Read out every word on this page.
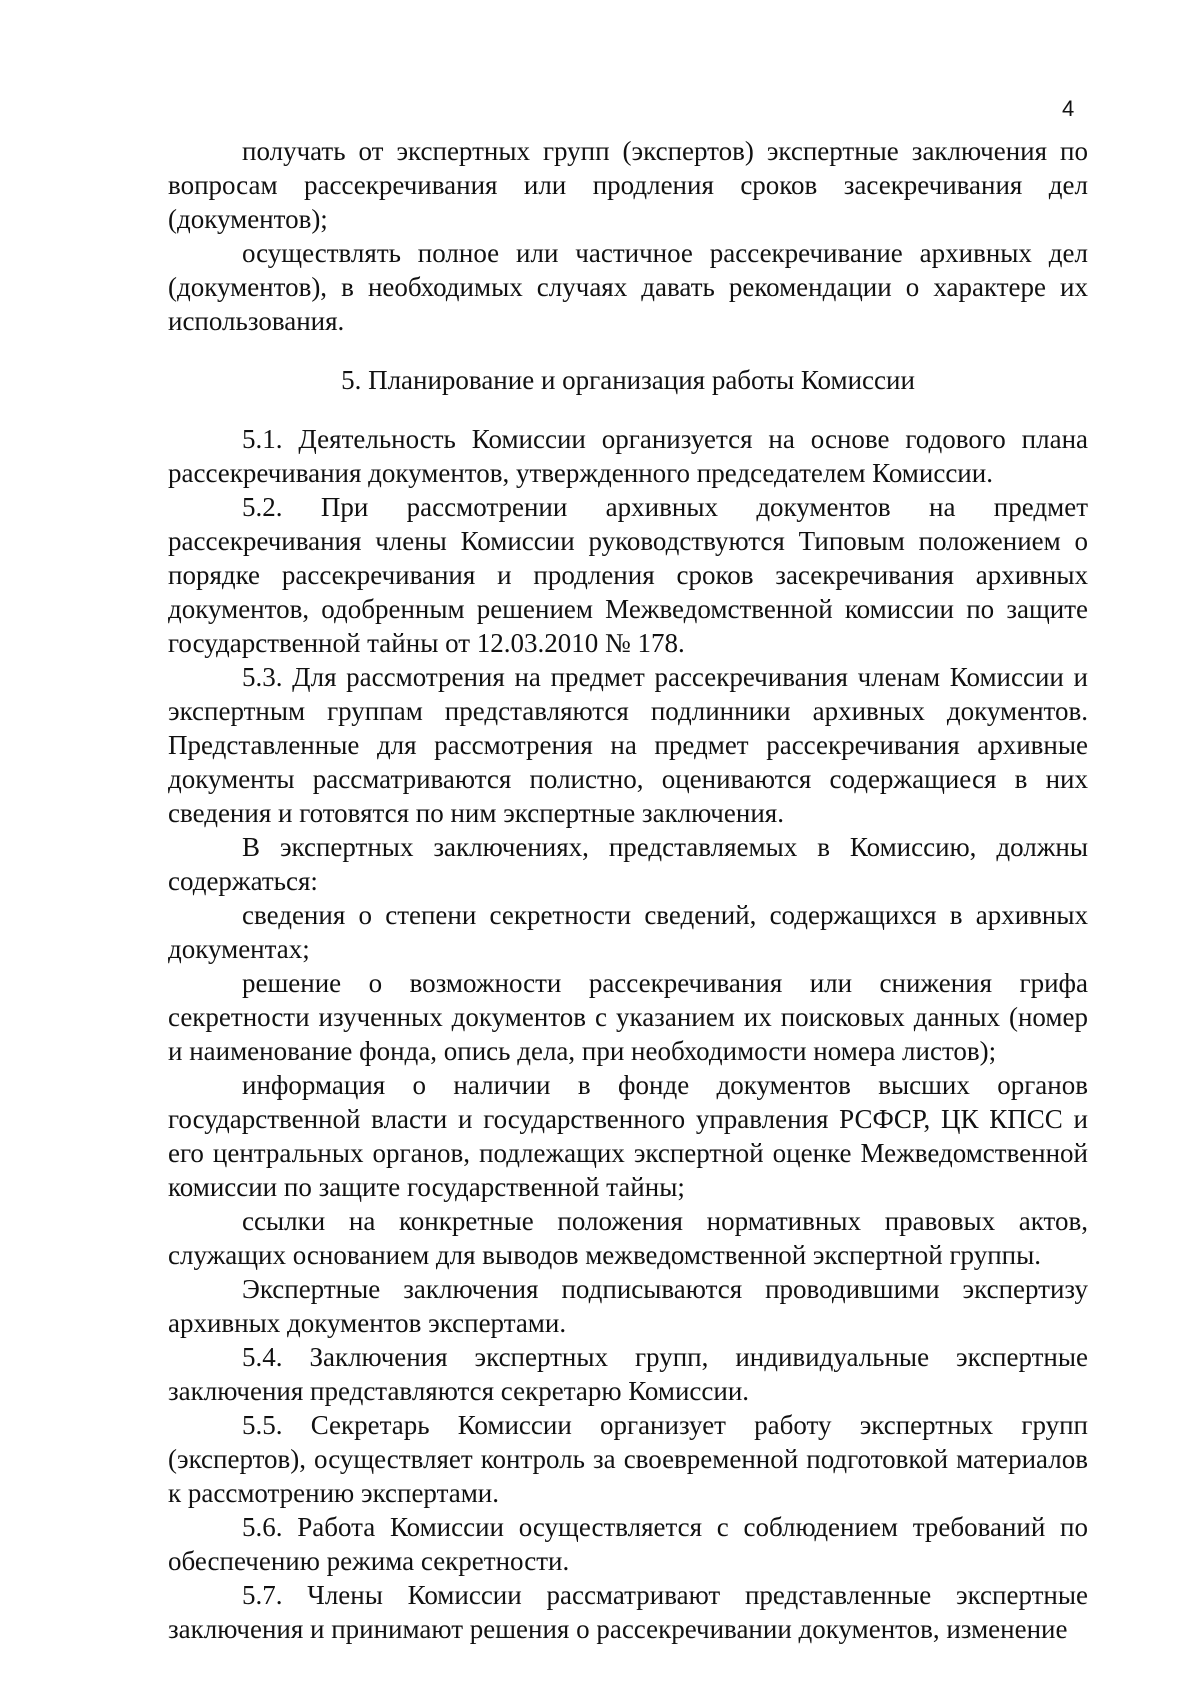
4

получать от экспертных групп (экспертов) экспертные заключения по вопросам рассекречивания или продления сроков засекречивания дел (документов);

осуществлять полное или частичное рассекречивание архивных дел (документов), в необходимых случаях давать рекомендации о характере их использования.

5. Планирование и организация работы Комиссии

5.1. Деятельность Комиссии организуется на основе годового плана рассекречивания документов, утвержденного председателем Комиссии.

5.2. При рассмотрении архивных документов на предмет рассекречивания члены Комиссии руководствуются Типовым положением о порядке рассекречивания и продления сроков засекречивания архивных документов, одобренным решением Межведомственной комиссии по защите государственной тайны от 12.03.2010 № 178.

5.3. Для рассмотрения на предмет рассекречивания членам Комиссии и экспертным группам представляются подлинники архивных документов. Представленные для рассмотрения на предмет рассекречивания архивные документы рассматриваются полистно, оцениваются содержащиеся в них сведения и готовятся по ним экспертные заключения.

В экспертных заключениях, представляемых в Комиссию, должны содержаться:

сведения о степени секретности сведений, содержащихся в архивных документах;

решение о возможности рассекречивания или снижения грифа секретности изученных документов с указанием их поисковых данных (номер и наименование фонда, опись дела, при необходимости номера листов);

информация о наличии в фонде документов высших органов государственной власти и государственного управления РСФСР, ЦК КПСС и его центральных органов, подлежащих экспертной оценке Межведомственной комиссии по защите государственной тайны;

ссылки на конкретные положения нормативных правовых актов, служащих основанием для выводов межведомственной экспертной группы.

Экспертные заключения подписываются проводившими экспертизу архивных документов экспертами.

5.4. Заключения экспертных групп, индивидуальные экспертные заключения представляются секретарю Комиссии.

5.5. Секретарь Комиссии организует работу экспертных групп (экспертов), осуществляет контроль за своевременной подготовкой материалов к рассмотрению экспертами.

5.6. Работа Комиссии осуществляется с соблюдением требований по обеспечению режима секретности.

5.7. Члены Комиссии рассматривают представленные экспертные заключения и принимают решения о рассекречивании документов, изменение
